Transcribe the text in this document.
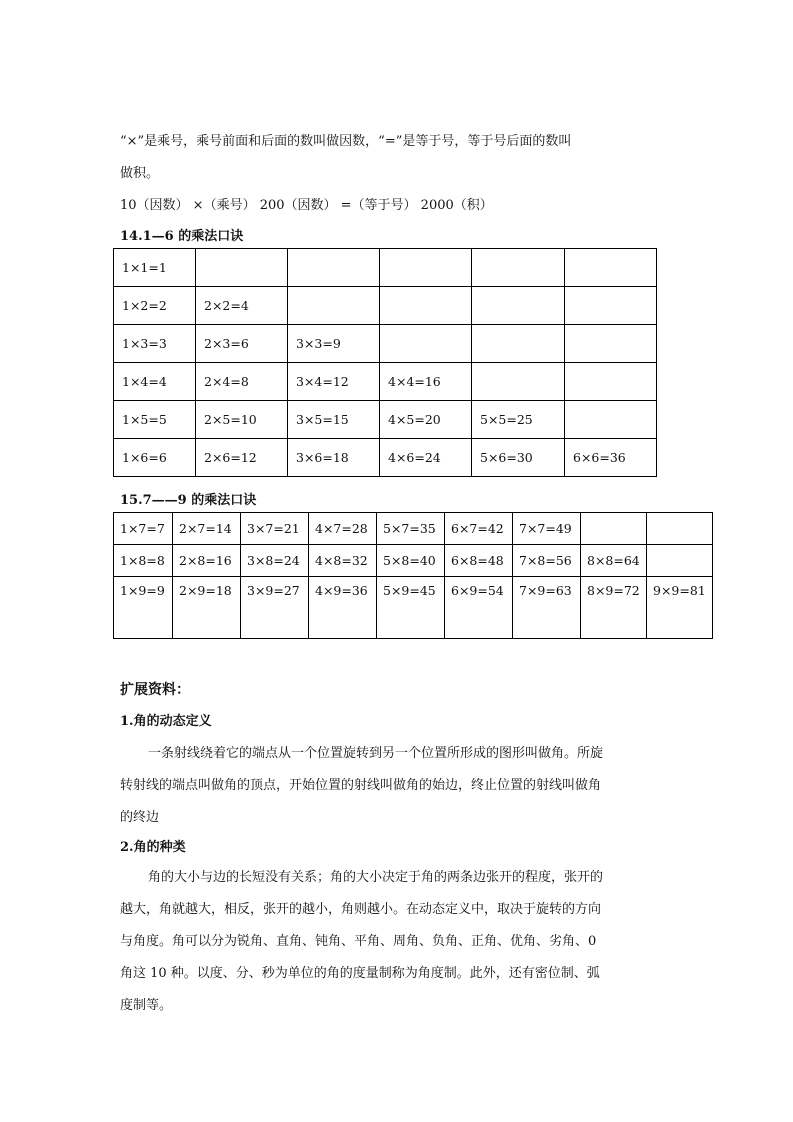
“×”是乘号，乘号前面和后面的数叫做因数，“=”是等于号，等于号后面的数叫
做积。
10（因数） ×（乘号） 200（因数） =（等于号） 2000（积）
14.1—6 的乘法口诀
1×1=1					
1×2=2	2×2=4				
1×3=3	2×3=6	3×3=9			
1×4=4	2×4=8	3×4=12	4×4=16		
1×5=5	2×5=10	3×5=15	4×5=20	5×5=25	
1×6=6	2×6=12	3×6=18	4×6=24	5×6=30	6×6=36
15.7——9 的乘法口诀
1×7=7	2×7=14	3×7=21	4×7=28	5×7=35	6×7=42	7×7=49		
1×8=8	2×8=16	3×8=24	4×8=32	5×8=40	6×8=48	7×8=56	8×8=64	
1×9=9	2×9=18	3×9=27	4×9=36	5×9=45	6×9=54	7×9=63	8×9=72	9×9=81
扩展资料：
1.角的动态定义
一条射线绕着它的端点从一个位置旋转到另一个位置所形成的图形叫做角。所旋
转射线的端点叫做角的顶点，开始位置的射线叫做角的始边，终止位置的射线叫做角
的终边
2.角的种类
角的大小与边的长短没有关系；角的大小决定于角的两条边张开的程度，张开的
越大，角就越大，相反，张开的越小，角则越小。在动态定义中，取决于旋转的方向
与角度。角可以分为锐角、直角、钝角、平角、周角、负角、正角、优角、劣角、0
角这 10 种。以度、分、秒为单位的角的度量制称为角度制。此外，还有密位制、弧
度制等。
